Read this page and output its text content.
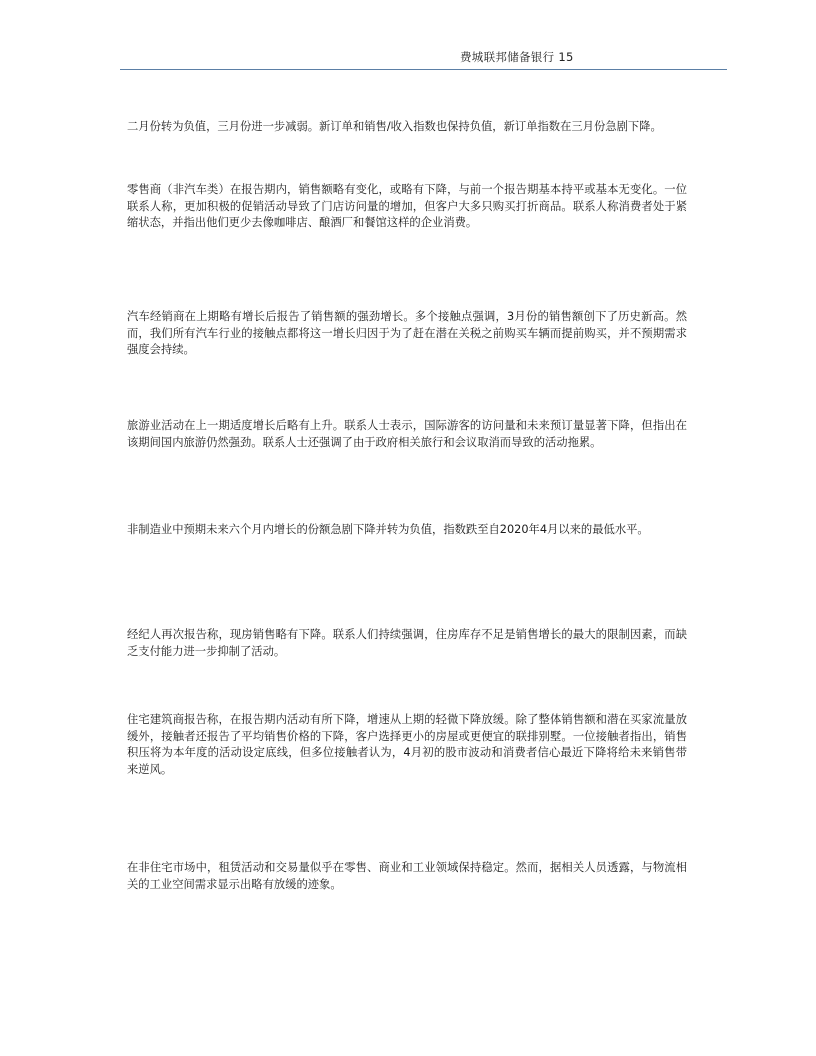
费城联邦储备银行 15

二月份转为负值，三月份进一步减弱。新订单和销售/收入指数也保持负值，新订单指数在三月份急剧下降。

零售商（非汽车类）在报告期内，销售额略有变化，或略有下降，与前一个报告期基本持平或基本无变化。一位联系人称，更加积极的促销活动导致了门店访问量的增加，但客户大多只购买打折商品。联系人称消费者处于紧缩状态，并指出他们更少去像咖啡店、酿酒厂和餐馆这样的企业消费。

汽车经销商在上期略有增长后报告了销售额的强劲增长。多个接触点强调，3月份的销售额创下了历史新高。然而，我们所有汽车行业的接触点都将这一增长归因于为了赶在潜在关税之前购买车辆而提前购买，并不预期需求强度会持续。

旅游业活动在上一期适度增长后略有上升。联系人士表示，国际游客的访问量和未来预订量显著下降，但指出在该期间国内旅游仍然强劲。联系人士还强调了由于政府相关旅行和会议取消而导致的活动拖累。

非制造业中预期未来六个月内增长的份额急剧下降并转为负值，指数跌至自2020年4月以来的最低水平。

经纪人再次报告称，现房销售略有下降。联系人们持续强调，住房库存不足是销售增长的最大的限制因素，而缺乏支付能力进一步抑制了活动。

住宅建筑商报告称，在报告期内活动有所下降，增速从上期的轻微下降放缓。除了整体销售额和潜在买家流量放缓外，接触者还报告了平均销售价格的下降，客户选择更小的房屋或更便宜的联排别墅。一位接触者指出，销售积压将为本年度的活动设定底线，但多位接触者认为，4月初的股市波动和消费者信心最近下降将给未来销售带来逆风。

在非住宅市场中，租赁活动和交易量似乎在零售、商业和工业领域保持稳定。然而，据相关人员透露，与物流相关的工业空间需求显示出略有放缓的迹象。
